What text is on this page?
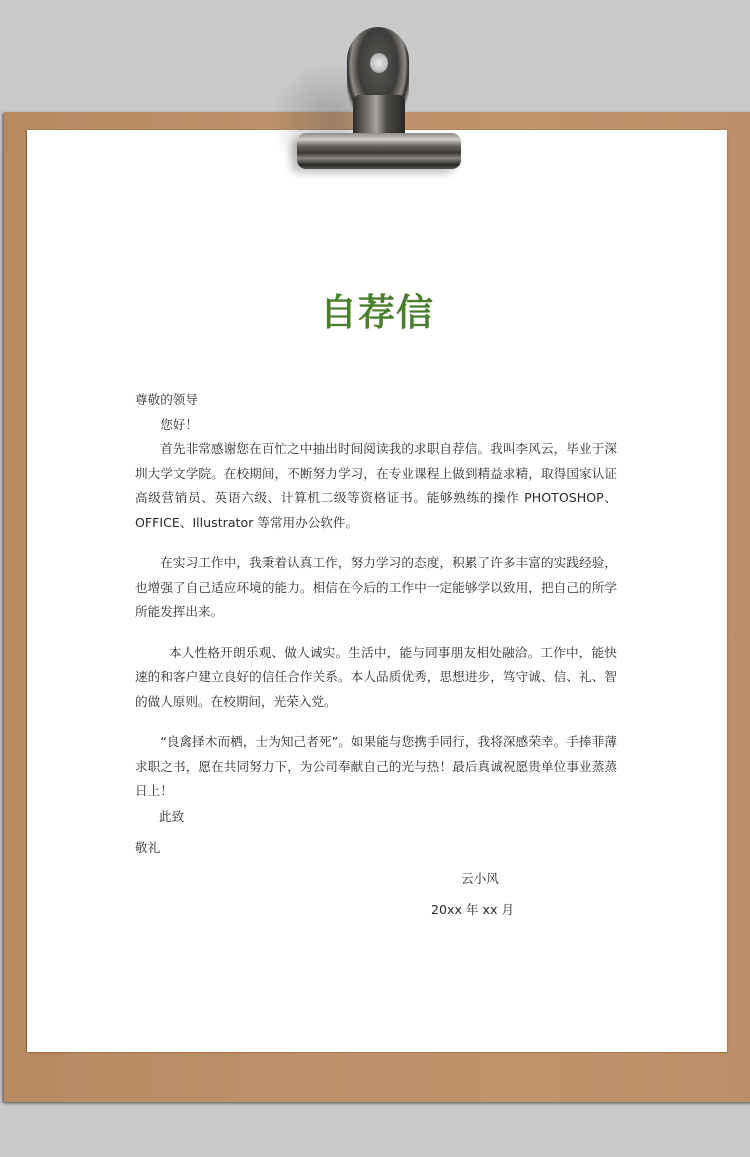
自荐信

尊敬的领导

您好！

首先非常感谢您在百忙之中抽出时间阅读我的求职自荐信。我叫李风云，毕业于深圳大学文学院。在校期间，不断努力学习，在专业课程上做到精益求精，取得国家认证高级营销员、英语六级、计算机二级等资格证书。能够熟练的操作 PHOTOSHOP、OFFICE、Illustrator 等常用办公软件。

在实习工作中，我秉着认真工作，努力学习的态度，积累了许多丰富的实践经验，也增强了自己适应环境的能力。相信在今后的工作中一定能够学以致用，把自己的所学所能发挥出来。

本人性格开朗乐观、做人诚实。生活中，能与同事朋友相处融洽。工作中，能快速的和客户建立良好的信任合作关系。本人品质优秀，思想进步，笃守诚、信、礼、智的做人原则。在校期间，光荣入党。

“良禽择木而栖，士为知己者死”。如果能与您携手同行，我将深感荣幸。手捧菲薄求职之书，愿在共同努力下，为公司奉献自己的光与热！最后真诚祝愿贵单位事业蒸蒸日上！

此致
敬礼
云小风
20xx 年 xx 月
